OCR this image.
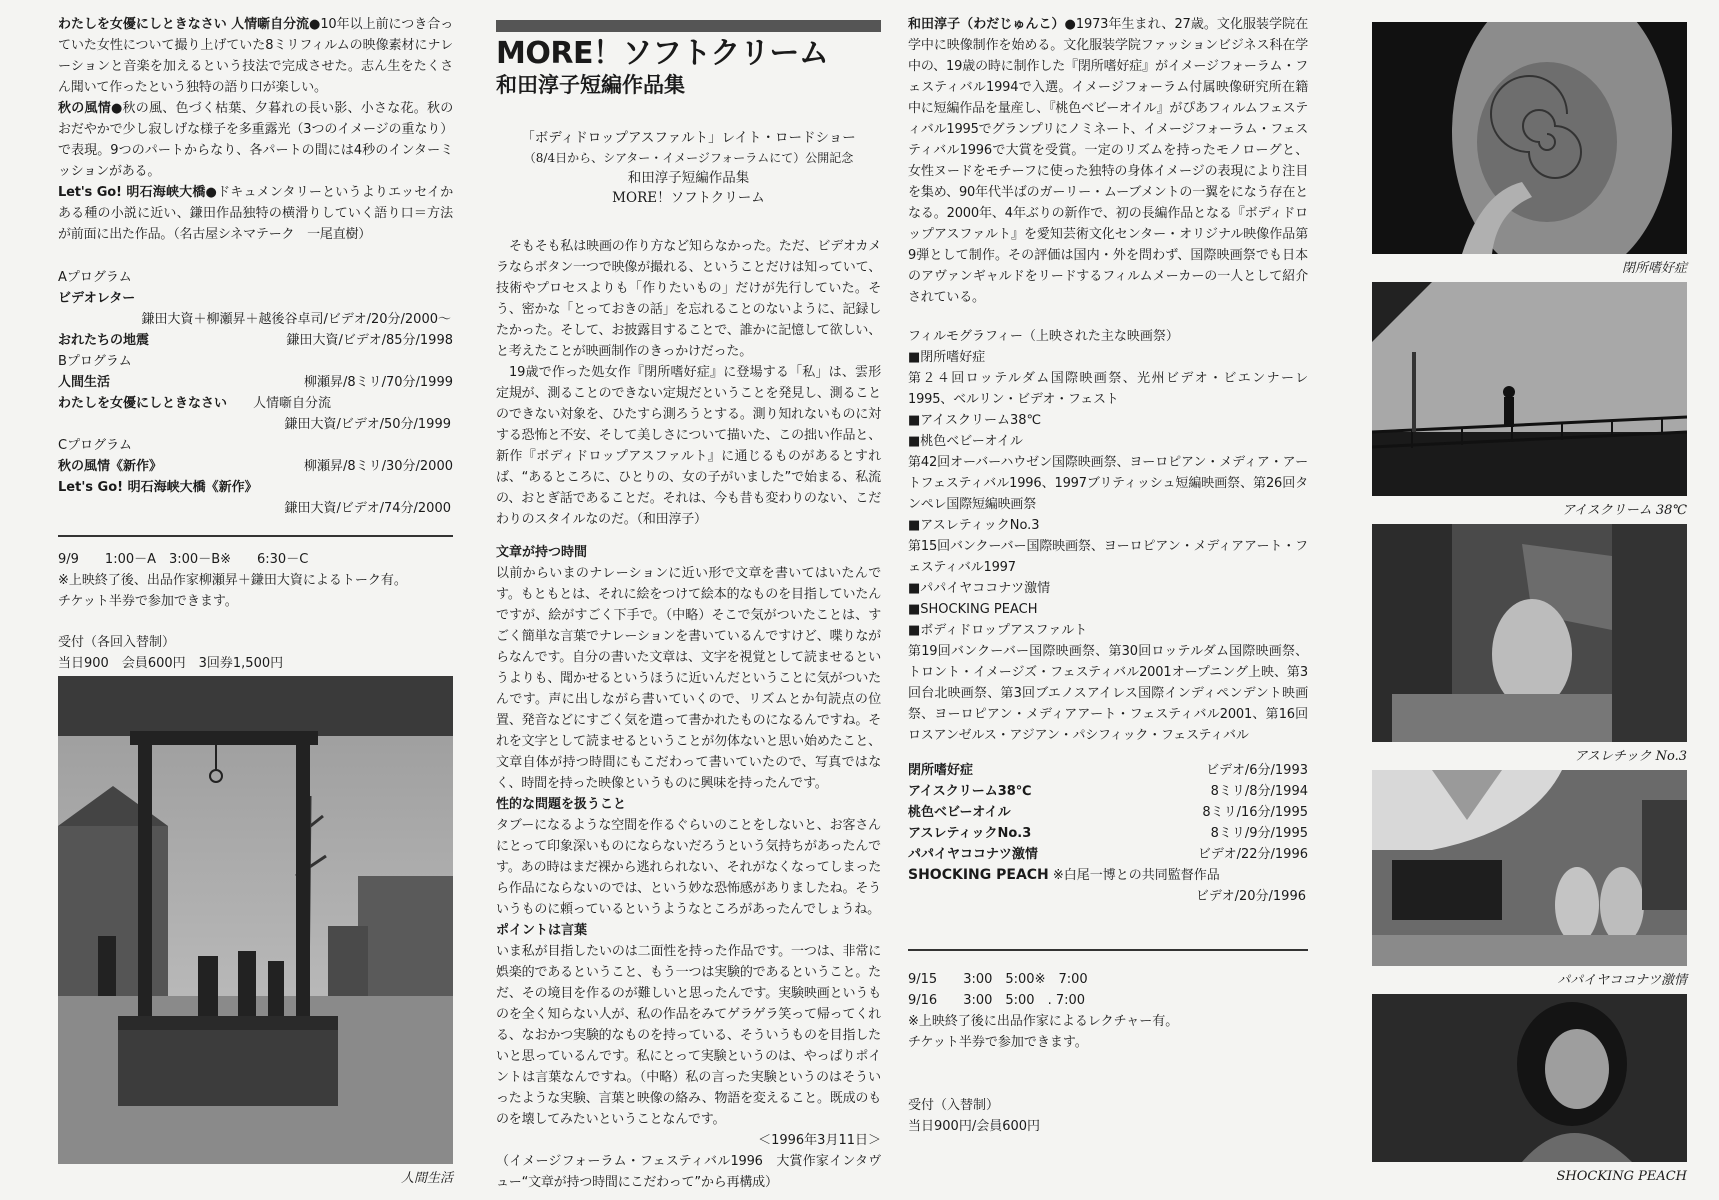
わたしを女優にしときなさい 人情噺自分流●10年以上前につき合っていた女性について撮り上げていた8ミリフィルムの映像素材にナレーションと音楽を加えるという技法で完成させた。志ん生をたくさん聞いて作ったという独特の語り口が楽しい。

秋の風情●秋の風、色づく枯葉、夕暮れの長い影、小さな花。秋のおだやかで少し寂しげな様子を多重露光（3つのイメージの重なり）で表現。9つのパートからなり、各パートの間には4秒のインターミッションがある。

Let's Go! 明石海峡大橋●ドキュメンタリーというよりエッセイかある種の小説に近い、鎌田作品独特の横滑りしていく語り口＝方法が前面に出た作品。（名古屋シネマテーク　一尾直樹）

Aプログラム
ビデオレター
鎌田大資＋柳瀬昇＋越後谷卓司/ビデオ/20分/2000～
おれたちの地震	鎌田大資/ビデオ/85分/1998
Bプログラム
人間生活	柳瀬昇/8ミリ/70分/1999
わたしを女優にしときなさい　　 人情噺自分流
鎌田大資/ビデオ/50分/1999
Cプログラム
秋の風情《新作》	柳瀬昇/8ミリ/30分/2000
Let's Go! 明石海峡大橋《新作》
鎌田大資/ビデオ/74分/2000
9/9　　1:00－A　3:00－B※　　6:30－C
※上映終了後、出品作家柳瀬昇＋鎌田大資によるトーク有。
チケット半券で参加できます。
受付（各回入替制）
当日900　会員600円　3回券1,500円
人間生活
MORE！ソフトクリーム
和田淳子短編作品集
「ボディドロップアスファルト」レイト・ロードショー
（8/4日から、シアター・イメージフォーラムにて）公開記念
和田淳子短編作品集
MORE！ソフトクリーム

そもそも私は映画の作り方など知らなかった。ただ、ビデオカメラならボタン一つで映像が撮れる、ということだけは知っていて、技術やプロセスよりも「作りたいもの」だけが先行していた。そう、密かな「とっておきの話」を忘れることのないように、記録したかった。そして、お披露目することで、誰かに記憶して欲しい、と考えたことが映画制作のきっかけだった。

19歳で作った処女作『閉所嗜好症』に登場する「私」は、雲形定規が、測ることのできない定規だということを発見し、測ることのできない対象を、ひたすら測ろうとする。測り知れないものに対する恐怖と不安、そして美しさについて描いた、この拙い作品と、新作『ボディドロップアスファルト』に通じるものがあるとすれば、“あるところに、ひとりの、女の子がいました”で始まる、私流の、おとぎ話であることだ。それは、今も昔も変わりのない、こだわりのスタイルなのだ。（和田淳子）

文章が持つ時間

以前からいまのナレーションに近い形で文章を書いてはいたんです。もともとは、それに絵をつけて絵本的なものを目指していたんですが、絵がすごく下手で。（中略）そこで気がついたことは、すごく簡単な言葉でナレーションを書いているんですけど、喋りながらなんです。自分の書いた文章は、文字を視覚として読ませるというよりも、聞かせるというほうに近いんだということに気がついたんです。声に出しながら書いていくので、リズムとか句読点の位置、発音などにすごく気を遣って書かれたものになるんですね。それを文字として読ませるということが勿体ないと思い始めたこと、文章自体が持つ時間にもこだわって書いていたので、写真ではなく、時間を持った映像というものに興味を持ったんです。

性的な問題を扱うこと

タブーになるような空間を作るぐらいのことをしないと、お客さんにとって印象深いものにならないだろうという気持ちがあったんです。あの時はまだ裸から逃れられない、それがなくなってしまったら作品にならないのでは、という妙な恐怖感がありましたね。そういうものに頼っているというようなところがあったんでしょうね。

ポイントは言葉

いま私が目指したいのは二面性を持った作品です。一つは、非常に娯楽的であるということ、もう一つは実験的であるということ。ただ、その境目を作るのが難しいと思ったんです。実験映画というものを全く知らない人が、私の作品をみてゲラゲラ笑って帰ってくれる、なおかつ実験的なものを持っている、そういうものを目指したいと思っているんです。私にとって実験というのは、やっぱりポイントは言葉なんですね。（中略）私の言った実験というのはそういったような実験、言葉と映像の絡み、物語を変えること。既成のものを壊してみたいということなんです。

＜1996年3月11日＞

（イメージフォーラム・フェスティバル1996　大賞作家インタヴュー“文章が持つ時間にこだわって”から再構成）

和田淳子（わだじゅんこ）●1973年生まれ、27歳。文化服装学院在学中に映像制作を始める。文化服装学院ファッションビジネス科在学中の、19歳の時に制作した『閉所嗜好症』がイメージフォーラム・フェスティバル1994で入選。イメージフォーラム付属映像研究所在籍中に短編作品を量産し、『桃色ベビーオイル』がぴあフィルムフェスティバル1995でグランプリにノミネート、イメージフォーラム・フェスティバル1996で大賞を受賞。一定のリズムを持ったモノローグと、女性ヌードをモチーフに使った独特の身体イメージの表現により注目を集め、90年代半ばのガーリー・ムーブメントの一翼をになう存在となる。2000年、4年ぶりの新作で、初の長編作品となる『ボディドロップアスファルト』を愛知芸術文化センター・オリジナル映像作品第9弾として制作。その評価は国内・外を問わず、国際映画祭でも日本のアヴァンギャルドをリードするフィルムメーカーの一人として紹介されている。

フィルモグラフィー（上映された主な映画祭）
■閉所嗜好症
第２４回ロッテルダム国際映画祭、光州ビデオ・ビエンナーレ1995、ベルリン・ビデオ・フェスト
■アイスクリーム38℃
■桃色ベビーオイル
第42回オーバーハウゼン国際映画祭、ヨーロピアン・メディア・アートフェスティバル1996、1997ブリティッシュ短編映画祭、第26回タンペレ国際短編映画祭
■アスレティックNo.3
第15回バンクーバー国際映画祭、ヨーロピアン・メディアアート・フェスティバル1997
■パパイヤココナツ激情
■SHOCKING PEACH
■ボディドロップアスファルト
第19回バンクーバー国際映画祭、第30回ロッテルダム国際映画祭、トロント・イメージズ・フェスティバル2001オープニング上映、第3回台北映画祭、第3回ブエノスアイレス国際インディペンデント映画祭、ヨーロピアン・メディアアート・フェスティバル2001、第16回ロスアンゼルス・アジアン・パシフィック・フェスティバル
閉所嗜好症	ビデオ/6分/1993
アイスクリーム38℃	8ミリ/8分/1994
桃色ベビーオイル	8ミリ/16分/1995
アスレティックNo.3	8ミリ/9分/1995
パパイヤココナツ激情	ビデオ/22分/1996
SHOCKING PEACH ※白尾一博との共同監督作品
ビデオ/20分/1996
9/15　　3:00　5:00※　7:00
9/16　　3:00　5:00　. 7:00
※上映終了後に出品作家によるレクチャー有。
チケット半券で参加できます。
受付（入替制）
当日900円/会員600円
閉所嗜好症
アイスクリーム 38℃
アスレチック No.3
パパイヤココナツ激情
SHOCKING PEACH
